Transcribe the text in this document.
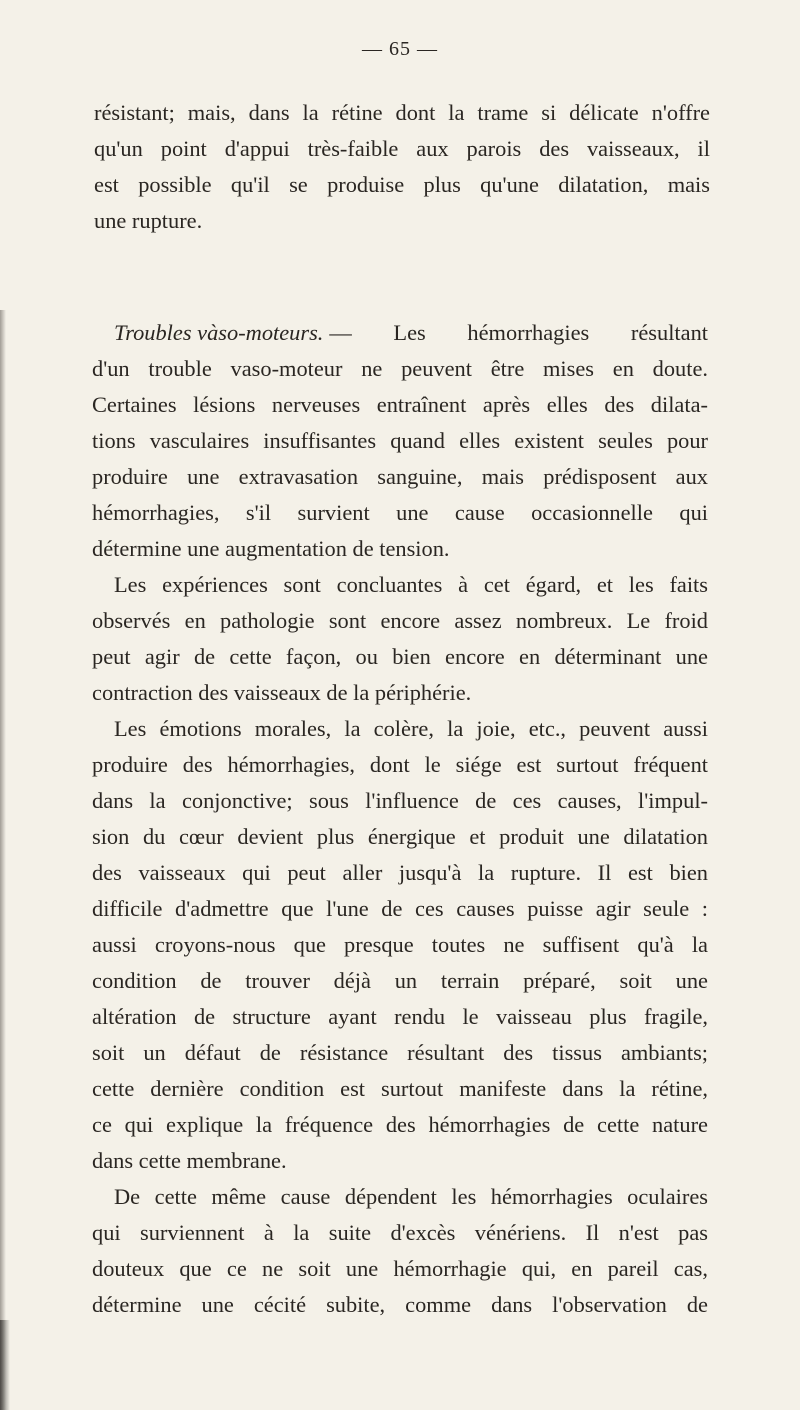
— 65 —
résistant; mais, dans la rétine dont la trame si délicate n'offre
qu'un point d'appui très-faible aux parois des vaisseaux, il
est possible qu'il se produise plus qu'une dilatation, mais
une rupture.
Troubles vàso-moteurs. — Les hémorrhagies résultant
d'un trouble vaso-moteur ne peuvent être mises en doute.
Certaines lésions nerveuses entraînent après elles des dilata-
tions vasculaires insuffisantes quand elles existent seules pour
produire une extravasation sanguine, mais prédisposent aux
hémorrhagies, s'il survient une cause occasionnelle qui
détermine une augmentation de tension.
Les expériences sont concluantes à cet égard, et les faits
observés en pathologie sont encore assez nombreux. Le froid
peut agir de cette façon, ou bien encore en déterminant une
contraction des vaisseaux de la périphérie.
Les émotions morales, la colère, la joie, etc., peuvent aussi
produire des hémorrhagies, dont le siége est surtout fréquent
dans la conjonctive; sous l'influence de ces causes, l'impul-
sion du cœur devient plus énergique et produit une dilatation
des vaisseaux qui peut aller jusqu'à la rupture. Il est bien
difficile d'admettre que l'une de ces causes puisse agir seule :
aussi croyons-nous que presque toutes ne suffisent qu'à la
condition de trouver déjà un terrain préparé, soit une
altération de structure ayant rendu le vaisseau plus fragile,
soit un défaut de résistance résultant des tissus ambiants;
cette dernière condition est surtout manifeste dans la rétine,
ce qui explique la fréquence des hémorrhagies de cette nature
dans cette membrane.
De cette même cause dépendent les hémorrhagies oculaires
qui surviennent à la suite d'excès vénériens. Il n'est pas
douteux que ce ne soit une hémorrhagie qui, en pareil cas,
détermine une cécité subite, comme dans l'observation de
